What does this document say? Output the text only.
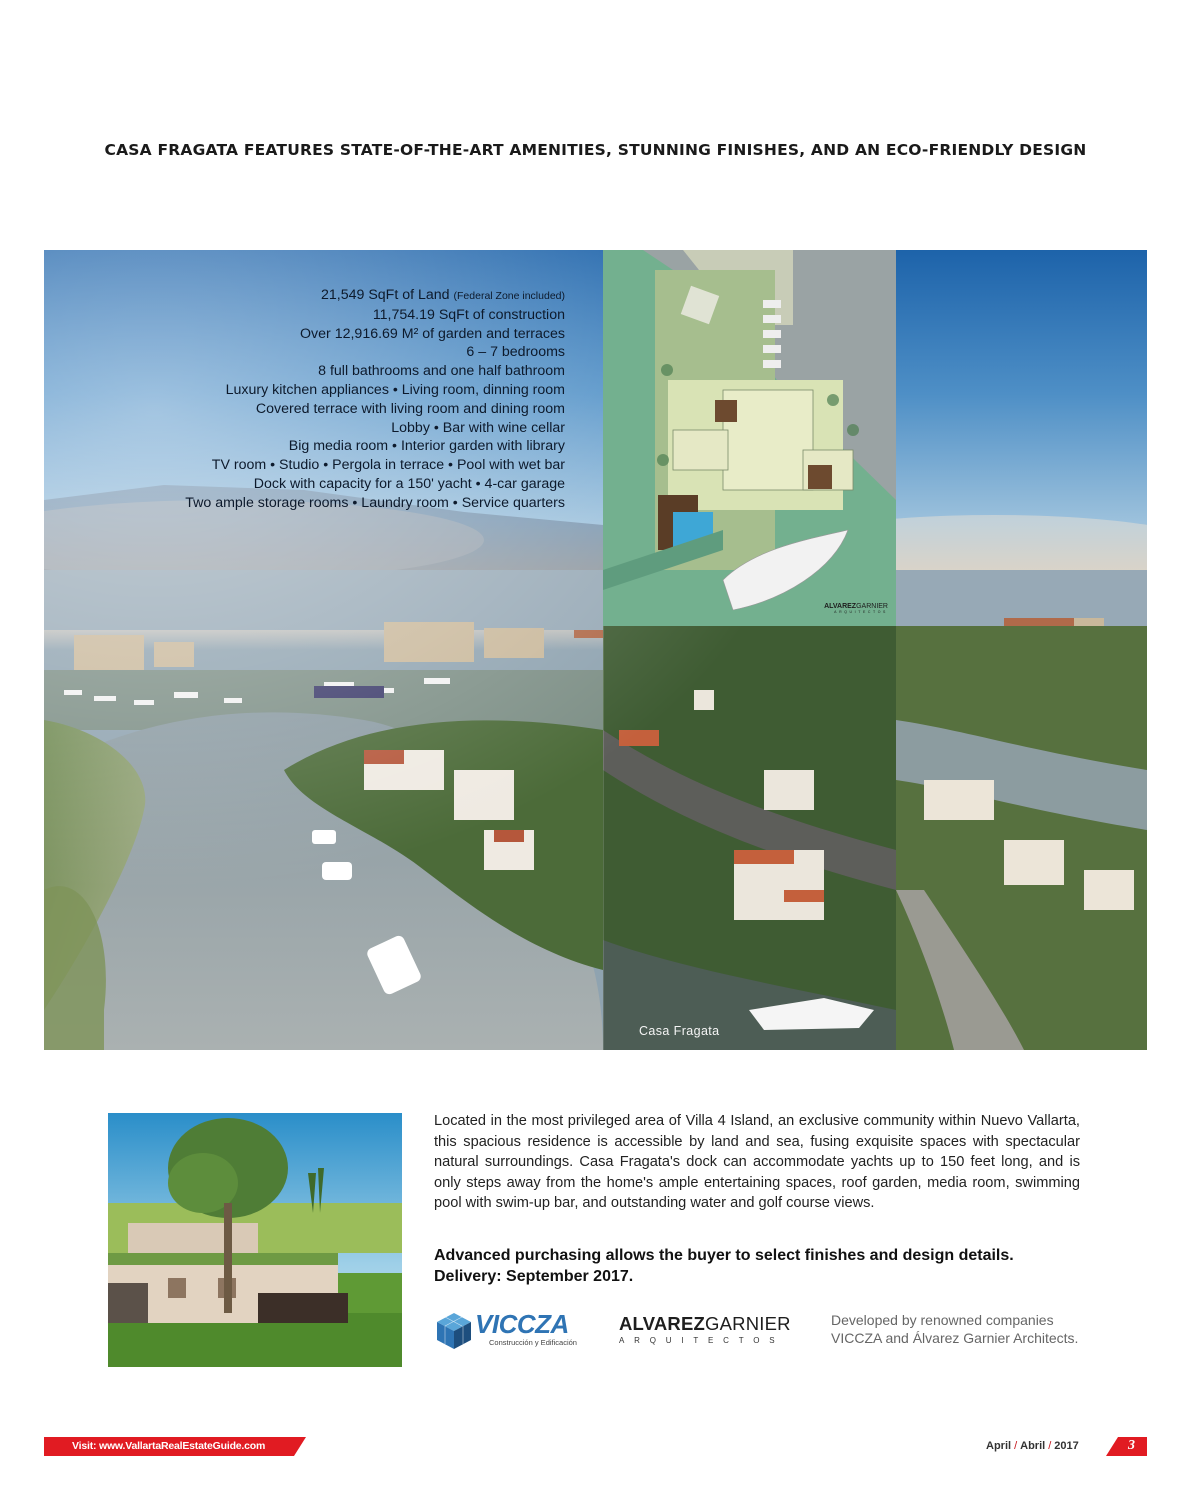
CASA FRAGATA FEATURES STATE-OF-THE-ART AMENITIES, STUNNING FINISHES, AND AN ECO-FRIENDLY DESIGN
21,549 SqFt of Land (Federal Zone included)
11,754.19 SqFt of construction
Over 12,916.69 M² of garden and terraces
6 – 7 bedrooms
8 full bathrooms and one half bathroom
Luxury kitchen appliances • Living room, dinning room
Covered terrace with living room and dining room
Lobby • Bar with wine cellar
Big media room • Interior garden with library
TV room • Studio • Pergola in terrace • Pool with wet bar
Dock with capacity for a 150' yacht • 4-car garage
Two ample storage rooms • Laundry room • Service quarters
ALVAREZGARNIER
ARQUITECTOS
Casa Fragata
Located in the most privileged area of Villa 4 Island, an exclusive community within Nuevo Vallarta, this spacious residence is accessible by land and sea, fusing exquisite spaces with spectacular natural surroundings. Casa Fragata's dock can accommodate yachts up to 150 feet long, and is only steps away from the home's ample entertaining spaces, roof garden, media room, swimming pool with swim-up bar, and outstanding water and golf course views.
Advanced purchasing allows the buyer to select finishes and design details.
Delivery: September 2017.
VICCZA
Construcción y Edificación
ALVAREZGARNIER
ARQUITECTOS
Developed by renowned companies
VICCZA and Álvarez Garnier Architects.
Visit: www.VallartaRealEstateGuide.com	April / Abril / 2017	3
